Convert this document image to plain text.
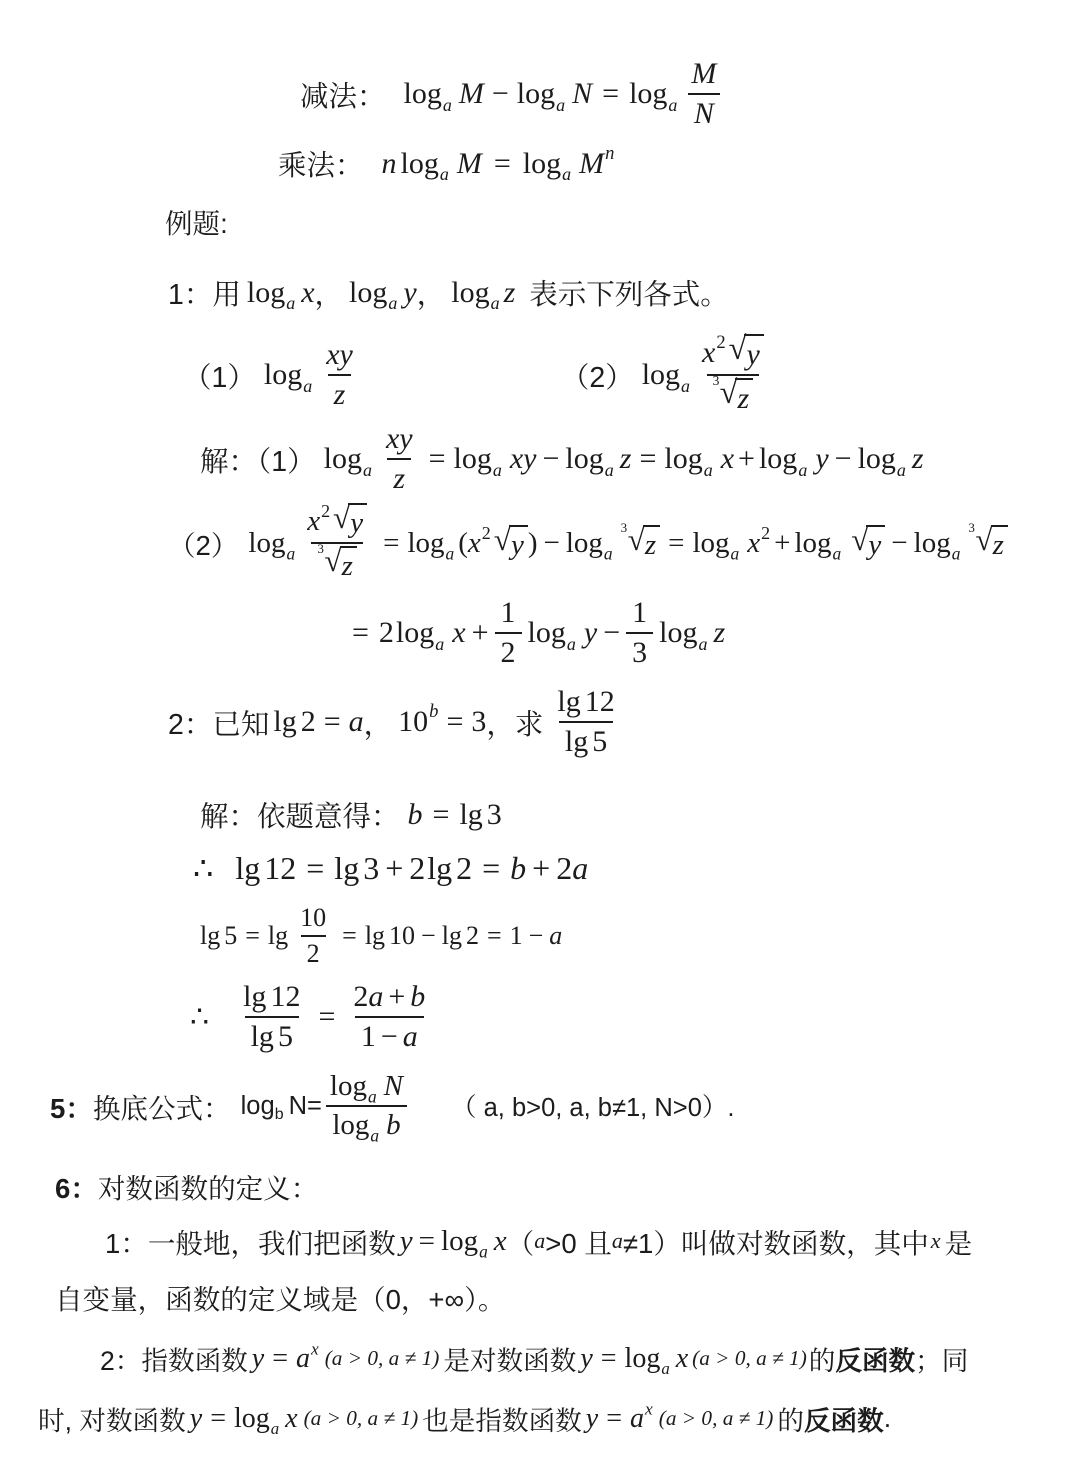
减法： log a M − log a N = log a $\frac{M}{N}$
乘法： n log a M = log a M n
例题:
1：用 log a x ， log a y ， log a z 表示下列各式。
（1） log a $\frac{xy}{z}$	（2） log a $\frac{x 2 √ y}{3 √ z}$
解：（1） log a $\frac{xy}{z} = \log a$ xy − log a z = log a x + log a y − log a z
（2） log a $\frac{x 2 √ y}{3 √ z} = \log a$ ( x 2 √ y ) − log a
3 √ z = log a x 2 + log a √ y − log a
3 √ z
= 2 log a $x + \frac{1}{2}$ log a $y - \frac{1}{3}$ log a z
2：已知 lg 2 = a ， 10 b = 3 ，求 $\frac{\lg 12}{\lg 5}$
解：依题意得： b = lg 3
∴ lg 12 = lg 3 + 2 lg 2 = b + 2 a
$\lg 5 = \lg \frac{10}{2} = \lg 10 - \lg 2 = 1 - a$
∴ $\frac{\lg 12}{\lg 5} = \frac{2 a + b}{1 - a}$
5： 换底公式： log b $N= \frac{\text{log a N}}{\text{log a b}}$ （ a, b>0, a, b≠1, N>0）.
6： 对数函数的定义：
1：一般地，我们把函数 y = log a x （ a >0 且 a ≠1）叫做对数函数，其中 x 是
自变量，函数的定义域是（0，+∞）。
2：指数函数 y = a x (a > 0, a ≠ 1) 是对数函数 y = log a x (a > 0, a ≠ 1) 的 反函数 ；同
时, 对数函数 y = log a x (a > 0, a ≠ 1) 也是指数函数 y = a x (a > 0, a ≠ 1) 的 反函数 .
